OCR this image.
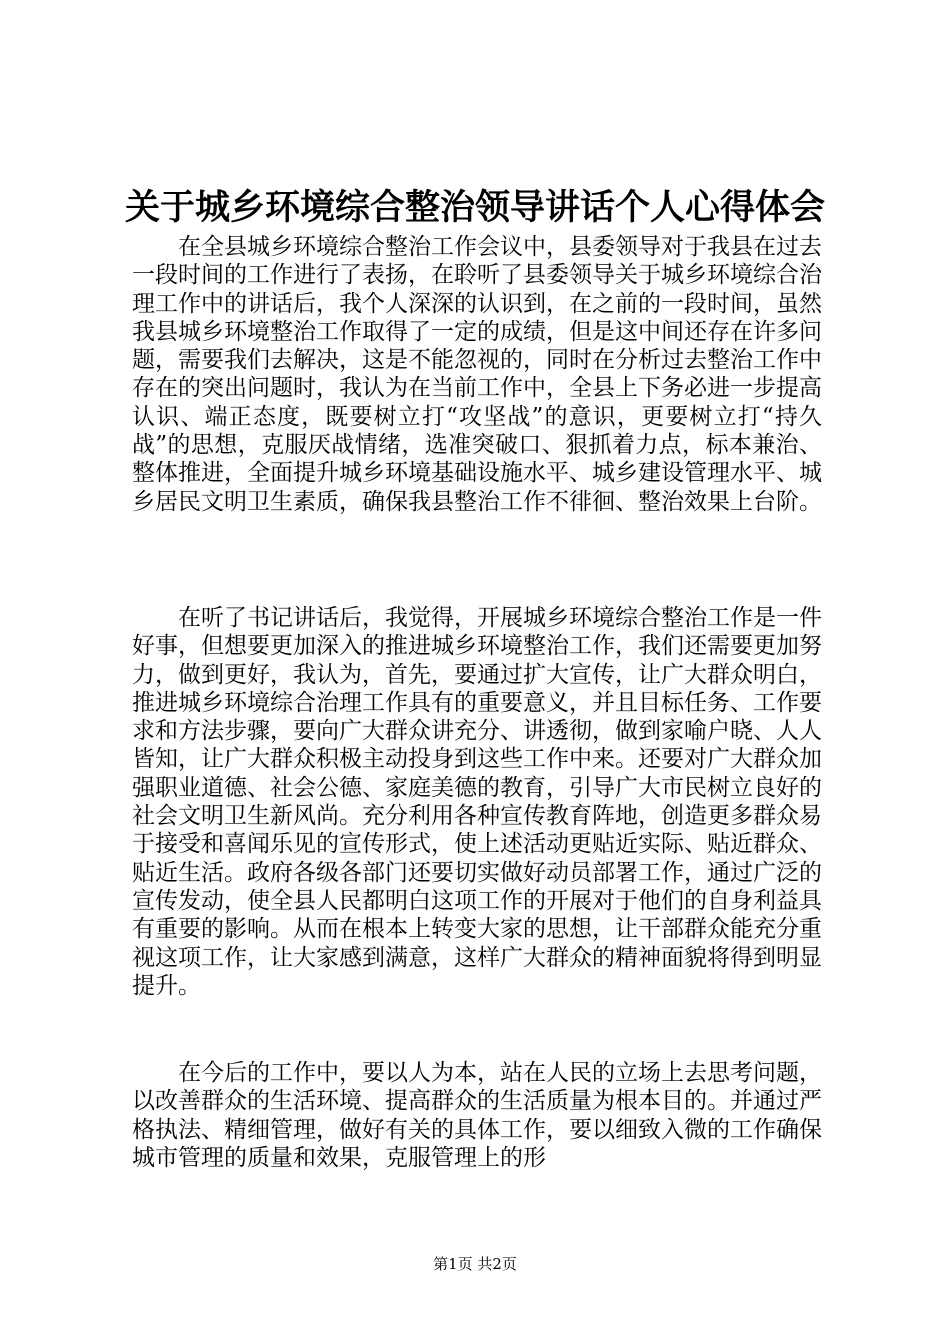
关于城乡环境综合整治领导讲话个人心得体会

在全县城乡环境综合整治工作会议中，县委领导对于我县在过去一段时间的工作进行了表扬，在聆听了县委领导关于城乡环境综合治理工作中的讲话后，我个人深深的认识到，在之前的一段时间，虽然我县城乡环境整治工作取得了一定的成绩，但是这中间还存在许多问题，需要我们去解决，这是不能忽视的，同时在分析过去整治工作中存在的突出问题时，我认为在当前工作中，全县上下务必进一步提高认识、端正态度，既要树立打“攻坚战”的意识，更要树立打“持久战”的思想，克服厌战情绪，选准突破口、狠抓着力点，标本兼治、整体推进，全面提升城乡环境基础设施水平、城乡建设管理水平、城乡居民文明卫生素质，确保我县整治工作不徘徊、整治效果上台阶。

在听了书记讲话后，我觉得，开展城乡环境综合整治工作是一件好事，但想要更加深入的推进城乡环境整治工作，我们还需要更加努力，做到更好，我认为，首先，要通过扩大宣传，让广大群众明白，推进城乡环境综合治理工作具有的重要意义，并且目标任务、工作要求和方法步骤，要向广大群众讲充分、讲透彻，做到家喻户晓、人人皆知，让广大群众积极主动投身到这些工作中来。还要对广大群众加强职业道德、社会公德、家庭美德的教育，引导广大市民树立良好的社会文明卫生新风尚。充分利用各种宣传教育阵地，创造更多群众易于接受和喜闻乐见的宣传形式，使上述活动更贴近实际、贴近群众、贴近生活。政府各级各部门还要切实做好动员部署工作，通过广泛的宣传发动，使全县人民都明白这项工作的开展对于他们的自身利益具有重要的影响。从而在根本上转变大家的思想，让干部群众能充分重视这项工作，让大家感到满意，这样广大群众的精神面貌将得到明显提升。

在今后的工作中，要以人为本，站在人民的立场上去思考问题，以改善群众的生活环境、提高群众的生活质量为根本目的。并通过严格执法、精细管理，做好有关的具体工作，要以细致入微的工作确保城市管理的质量和效果，克服管理上的形

第1页 共2页
